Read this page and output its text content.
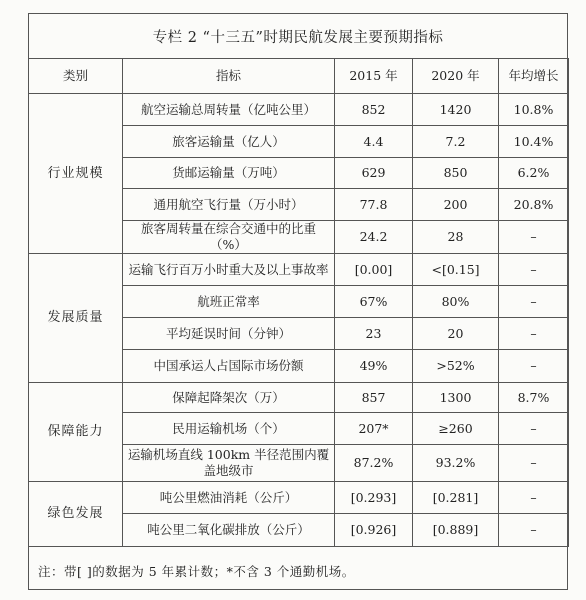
专栏 2 “十三五”时期民航发展主要预期指标
类别	指标	2015 年	2020 年	年均增长
行业规模	航空运输总周转量（亿吨公里）	852	1420	10.8%
	旅客运输量（亿人）	4.4	7.2	10.4%
	货邮运输量（万吨）	629	850	6.2%
	通用航空飞行量（万小时）	77.8	200	20.8%
	旅客周转量在综合交通中的比重（%）	24.2	28	–
发展质量	运输飞行百万小时重大及以上事故率	[0.00]	<[0.15]	–
	航班正常率	67%	80%	–
	平均延误时间（分钟）	23	20	–
	中国承运人占国际市场份额	49%	>52%	–
保障能力	保障起降架次（万）	857	1300	8.7%
	民用运输机场（个）	207*	≥260	–
	运输机场直线 100km 半径范围内覆盖地级市	87.2%	93.2%	–
绿色发展	吨公里燃油消耗（公斤）	[0.293]	[0.281]	–
	吨公里二氧化碳排放（公斤）	[0.926]	[0.889]	–
注：带[ ]的数据为 5 年累计数；*不含 3 个通勤机场。
